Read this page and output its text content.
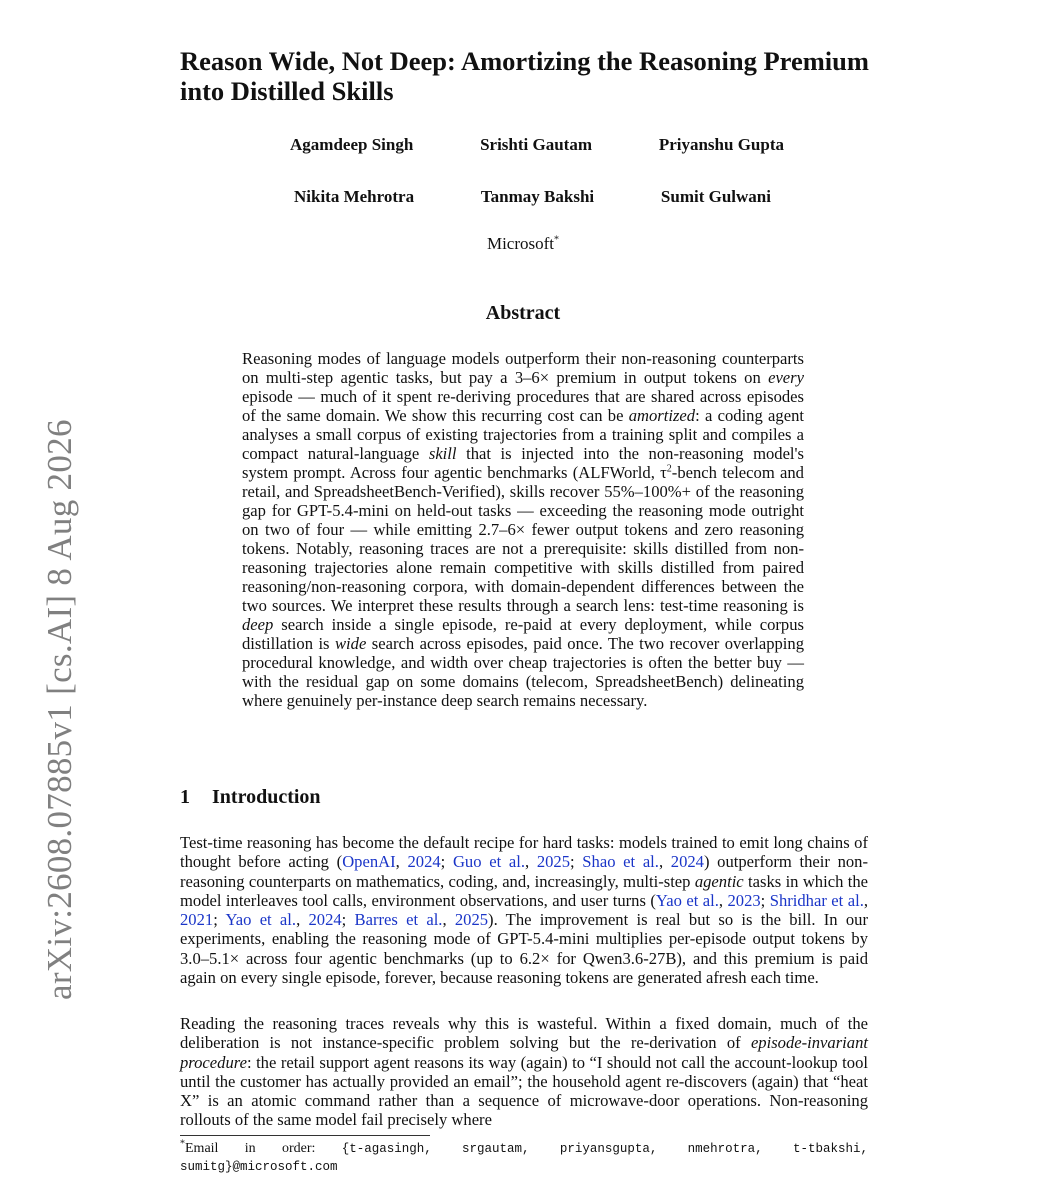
arXiv:2608.07885v1 [cs.AI] 8 Aug 2026
Reason Wide, Not Deep: Amortizing the Reasoning Premium into Distilled Skills
Agamdeep Singh	Srishti Gautam	Priyanshu Gupta
Nikita Mehrotra	Tanmay Bakshi	Sumit Gulwani
Microsoft*
Abstract

Reasoning modes of language models outperform their non-reasoning counterparts on multi-step agentic tasks, but pay a 3–6× premium in output tokens on every episode — much of it spent re-deriving procedures that are shared across episodes of the same domain. We show this recurring cost can be amortized: a coding agent analyses a small corpus of existing trajectories from a training split and compiles a compact natural-language skill that is injected into the non-reasoning model's system prompt. Across four agentic benchmarks (ALFWorld, $\tau^2$-bench telecom and retail, and SpreadsheetBench-Verified), skills recover 55%–100%+ of the reasoning gap for GPT-5.4-mini on held-out tasks — exceeding the reasoning mode outright on two of four — while emitting 2.7–6× fewer output tokens and zero reasoning tokens. Notably, reasoning traces are not a prerequisite: skills distilled from non-reasoning trajectories alone remain competitive with skills distilled from paired reasoning/non-reasoning corpora, with domain-dependent differences between the two sources. We interpret these results through a search lens: test-time reasoning is deep search inside a single episode, re-paid at every deployment, while corpus distillation is wide search across episodes, paid once. The two recover overlapping procedural knowledge, and width over cheap trajectories is often the better buy — with the residual gap on some domains (telecom, SpreadsheetBench) delineating where genuinely per-instance deep search remains necessary.

1 Introduction

Test-time reasoning has become the default recipe for hard tasks: models trained to emit long chains of thought before acting (OpenAI, 2024; Guo et al., 2025; Shao et al., 2024) outperform their non-reasoning counterparts on mathematics, coding, and, increasingly, multi-step agentic tasks in which the model interleaves tool calls, environment observations, and user turns (Yao et al., 2023; Shridhar et al., 2021; Yao et al., 2024; Barres et al., 2025). The improvement is real but so is the bill. In our experiments, enabling the reasoning mode of GPT-5.4-mini multiplies per-episode output tokens by 3.0–5.1× across four agentic benchmarks (up to 6.2× for Qwen3.6-27B), and this premium is paid again on every single episode, forever, because reasoning tokens are generated afresh each time.

Reading the reasoning traces reveals why this is wasteful. Within a fixed domain, much of the deliberation is not instance-specific problem solving but the re-derivation of episode-invariant procedure: the retail support agent reasons its way (again) to “I should not call the account-lookup tool until the customer has actually provided an email”; the household agent re-discovers (again) that “heat X” is an atomic command rather than a sequence of microwave-door operations. Non-reasoning rollouts of the same model fail precisely where

*Email in order: {t-agasingh, srgautam, priyansgupta, nmehrotra, t-tbakshi, sumitg}@microsoft.com
